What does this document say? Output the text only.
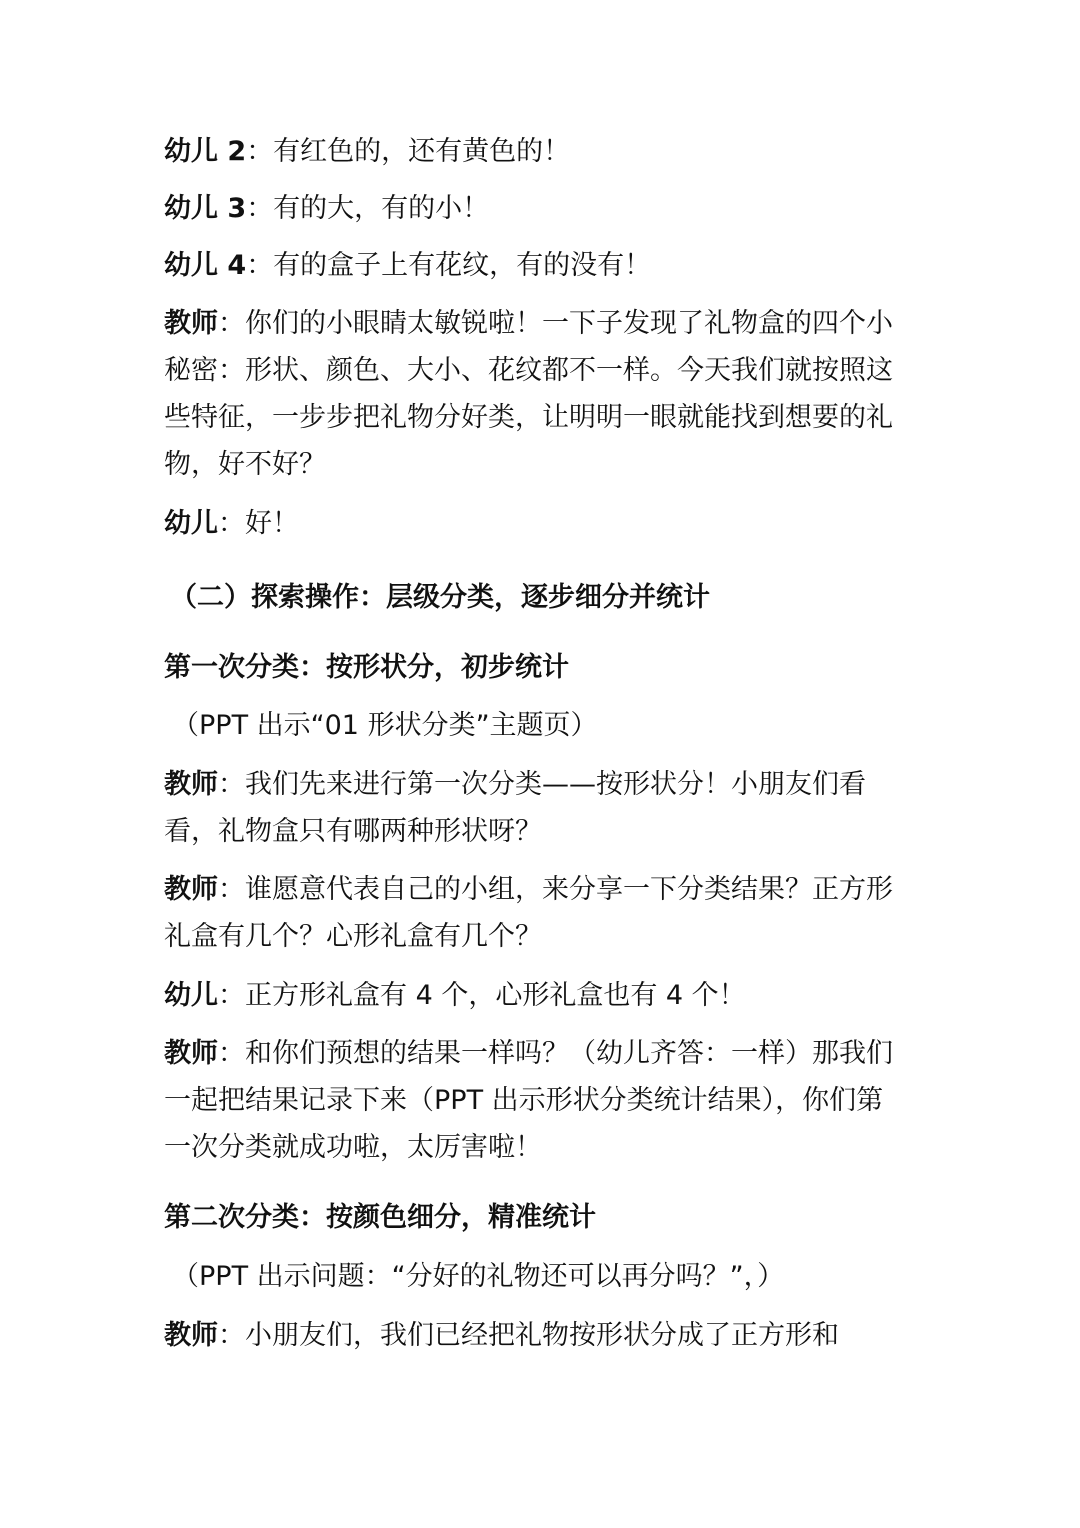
幼儿 2：有红色的，还有黄色的！
幼儿 3：有的大，有的小！
幼儿 4：有的盒子上有花纹，有的没有！
教师：你们的小眼睛太敏锐啦！一下子发现了礼物盒的四个小秘密：形状、颜色、大小、花纹都不一样。今天我们就按照这些特征，一步步把礼物分好类，让明明一眼就能找到想要的礼物，好不好？
幼儿：好！
（二）探索操作：层级分类，逐步细分并统计
第一次分类：按形状分，初步统计
（PPT 出示“01 形状分类”主题页）
教师：我们先来进行第一次分类——按形状分！小朋友们看看，礼物盒只有哪两种形状呀？
教师：谁愿意代表自己的小组，来分享一下分类结果？正方形礼盒有几个？心形礼盒有几个？
幼儿：正方形礼盒有 4 个，心形礼盒也有 4 个！
教师：和你们预想的结果一样吗？（幼儿齐答：一样）那我们一起把结果记录下来（PPT 出示形状分类统计结果），你们第一次分类就成功啦，太厉害啦！
第二次分类：按颜色细分，精准统计
（PPT 出示问题：“分好的礼物还可以再分吗？”，）
教师：小朋友们，我们已经把礼物按形状分成了正方形和
